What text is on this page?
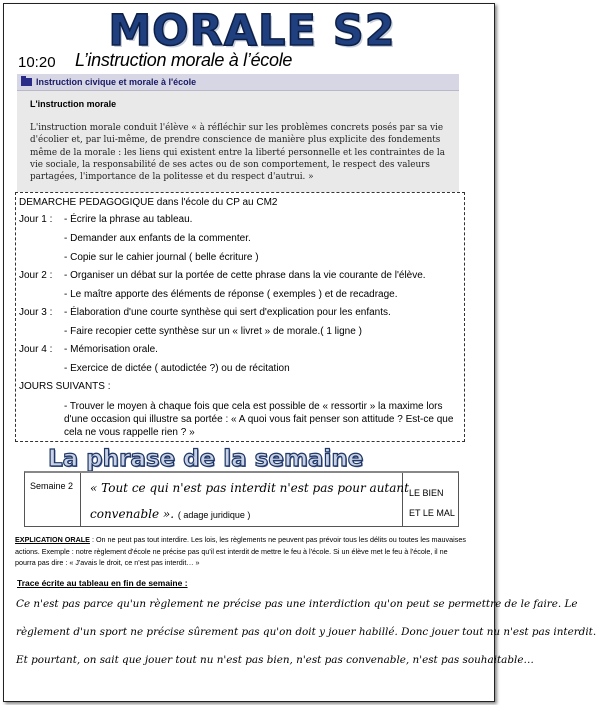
MORALE S2
10:20 L’instruction morale à l’école
Instruction civique et morale à l'école
L'instruction morale
L'instruction morale conduit l'élève « à réfléchir sur les problèmes concrets posés par sa vie d'écolier et, par lui-même, de prendre conscience de manière plus explicite des fondements même de la morale : les liens qui existent entre la liberté personnelle et les contraintes de la vie sociale, la responsabilité de ses actes ou de son comportement, le respect des valeurs partagées, l'importance de la politesse et du respect d'autrui. »
DEMARCHE PEDAGOGIQUE dans l'école du CP au CM2
Jour 1 : - Écrire la phrase au tableau.
- Demander aux enfants de la commenter.
- Copie sur le cahier journal ( belle écriture )
Jour 2 : - Organiser un débat sur la portée de cette phrase dans la vie courante de l'élève.
- Le maître apporte des éléments de réponse ( exemples ) et de recadrage.
Jour 3 : - Élaboration d'une courte synthèse qui sert d'explication pour les enfants.
- Faire recopier cette synthèse sur un « livret » de morale.( 1 ligne )
Jour 4 : - Mémorisation orale.
- Exercice de dictée ( autodictée ?) ou de récitation
JOURS SUIVANTS :
- Trouver le moyen à chaque fois que cela est possible de « ressortir » la maxime lors d'une occasion qui illustre sa portée : « A quoi vous fait penser son attitude ? Est-ce que cela ne vous rappelle rien ? »
La phrase de la semaine
Semaine 2 « Tout ce qui n'est pas interdit n'est pas pour autant
convenable ». ( adage juridique )
LE BIEN
ET LE MAL
EXPLICATION ORALE : On ne peut pas tout interdire. Les lois, les règlements ne peuvent pas prévoir tous les délits ou toutes les mauvaises actions. Exemple : notre règlement d'école ne précise pas qu'il est interdit de mettre le feu à l'école. Si un élève met le feu à l'école, il ne pourra pas dire : « J'avais le droit, ce n'est pas interdit… »
Trace écrite au tableau en fin de semaine :
Ce n'est pas parce qu'un règlement ne précise pas une interdiction qu'on peut se permettre de le faire. Le
règlement d'un sport ne précise sûrement pas qu'on doit y jouer habillé. Donc jouer tout nu n'est pas interdit.
Et pourtant, on sait que jouer tout nu n'est pas bien, n'est pas convenable, n'est pas souhaitable…
